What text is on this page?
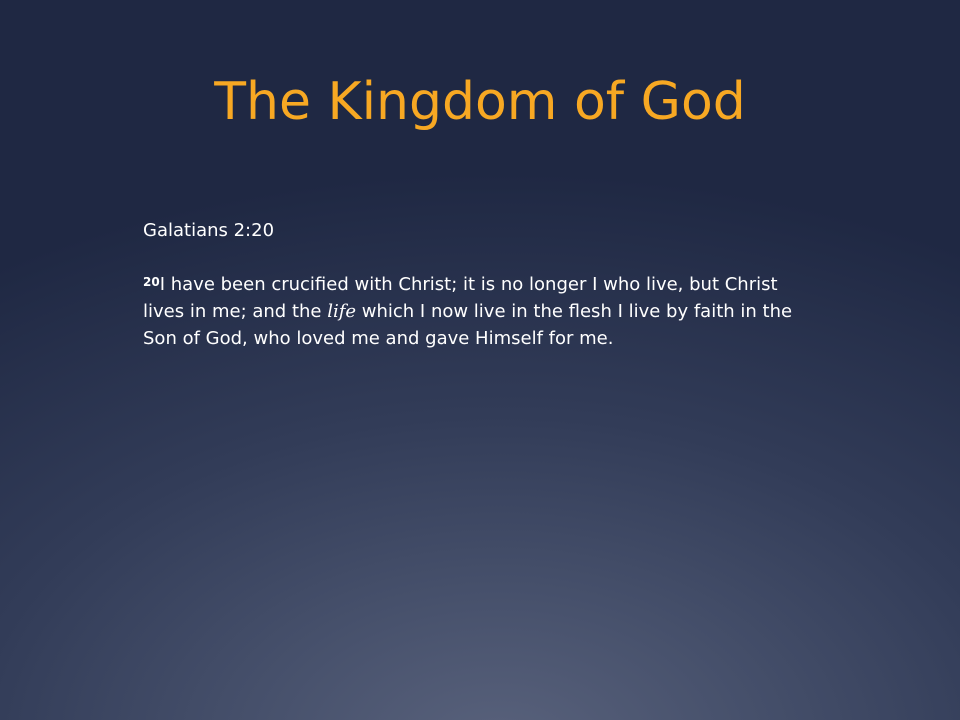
The Kingdom of God

Galatians 2:20

$^{20}$I have been crucified with Christ; it is no longer I who live, but Christ lives in me; and the life which I now live in the flesh I live by faith in the Son of God, who loved me and gave Himself for me.
